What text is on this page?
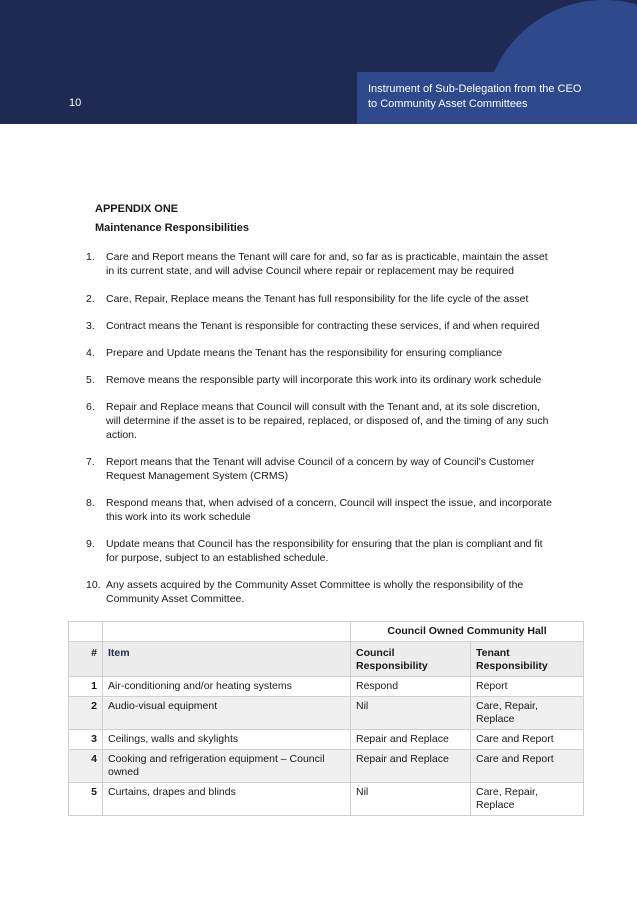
10
Instrument of Sub-Delegation from the CEO
to Community Asset Committees
APPENDIX ONE
Maintenance Responsibilities
1.	Care and Report means the Tenant will care for and, so far as is practicable, maintain the asset
in its current state, and will advise Council where repair or replacement may be required
2.	Care, Repair, Replace means the Tenant has full responsibility for the life cycle of the asset
3.	Contract means the Tenant is responsible for contracting these services, if and when required
4.	Prepare and Update means the Tenant has the responsibility for ensuring compliance
5.	Remove means the responsible party will incorporate this work into its ordinary work schedule
6.	Repair and Replace means that Council will consult with the Tenant and, at its sole discretion,
will determine if the asset is to be repaired, replaced, or disposed of, and the timing of any such
action.
7.	Report means that the Tenant will advise Council of a concern by way of Council's Customer
Request Management System (CRMS)
8.	Respond means that, when advised of a concern, Council will inspect the issue, and incorporate
this work into its work schedule
9.	Update means that Council has the responsibility for ensuring that the plan is compliant and fit
for purpose, subject to an established schedule.
10. Any assets acquired by the Community Asset Committee is wholly the responsibility of the
Community Asset Committee.
		Council Owned Community Hall	
#	Item	Council Responsibility	Tenant Responsibility
1	Air-conditioning and/or heating systems	Respond	Report
2	Audio-visual equipment	Nil	Care, Repair, Replace
3	Ceilings, walls and skylights	Repair and Replace	Care and Report
4	Cooking and refrigeration equipment – Council owned	Repair and Replace	Care and Report
5	Curtains, drapes and blinds	Nil	Care, Repair, Replace
